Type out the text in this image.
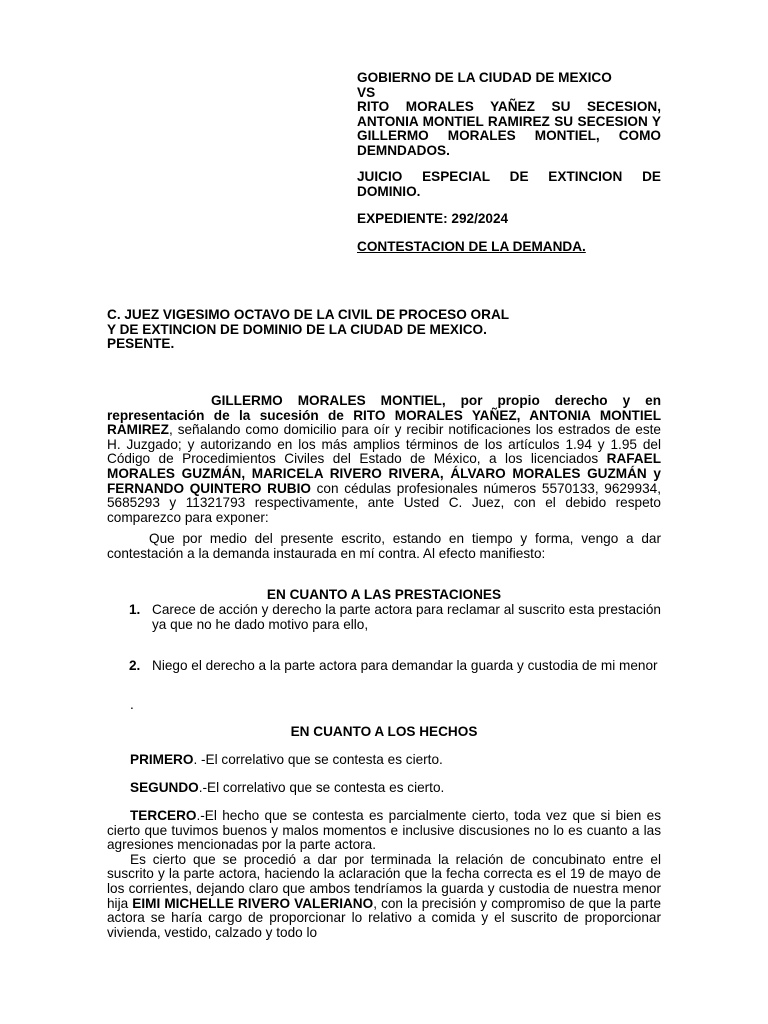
GOBIERNO DE LA CIUDAD DE MEXICO

VS

RITO MORALES YAÑEZ SU SECESION, ANTONIA MONTIEL RAMIREZ SU SECESION Y GILLERMO MORALES MONTIEL, COMO DEMNDADOS.

JUICIO ESPECIAL DE EXTINCION DE DOMINIO.

EXPEDIENTE: 292/2024

CONTESTACION DE LA DEMANDA.

C. JUEZ VIGESIMO OCTAVO DE LA CIVIL DE PROCESO ORAL Y DE EXTINCION DE DOMINIO DE LA CIUDAD DE MEXICO.

PESENTE.

GILLERMO MORALES MONTIEL, por propio derecho y en representación de la sucesión de RITO MORALES YAÑEZ, ANTONIA MONTIEL RAMIREZ, señalando como domicilio para oír y recibir notificaciones los estrados de este H. Juzgado; y autorizando en los más amplios términos de los artículos 1.94 y 1.95 del Código de Procedimientos Civiles del Estado de México, a los licenciados RAFAEL MORALES GUZMÁN, MARICELA RIVERO RIVERA, ÁLVARO MORALES GUZMÁN y FERNANDO QUINTERO RUBIO con cédulas profesionales números 5570133, 9629934, 5685293 y 11321793 respectivamente, ante Usted C. Juez, con el debido respeto comparezco para exponer:

Que por medio del presente escrito, estando en tiempo y forma, vengo a dar contestación a la demanda instaurada en mí contra. Al efecto manifiesto:

EN CUANTO A LAS PRESTACIONES

1. Carece de acción y derecho la parte actora para reclamar al suscrito esta prestación ya que no he dado motivo para ello,
2. Niego el derecho a la parte actora para demandar la guarda y custodia de mi menor

.

EN CUANTO A LOS HECHOS

PRIMERO. -El correlativo que se contesta es cierto.

SEGUNDO.-El correlativo que se contesta es cierto.

TERCERO.-El hecho que se contesta es parcialmente cierto, toda vez que si bien es cierto que tuvimos buenos y malos momentos e inclusive discusiones no lo es cuanto a las agresiones mencionadas por la parte actora.

Es cierto que se procedió a dar por terminada la relación de concubinato entre el suscrito y la parte actora, haciendo la aclaración que la fecha correcta es el 19 de mayo de los corrientes, dejando claro que ambos tendríamos la guarda y custodia de nuestra menor hija EIMI MICHELLE RIVERO VALERIANO, con la precisión y compromiso de que la parte actora se haría cargo de proporcionar lo relativo a comida y el suscrito de proporcionar vivienda, vestido, calzado y todo lo
